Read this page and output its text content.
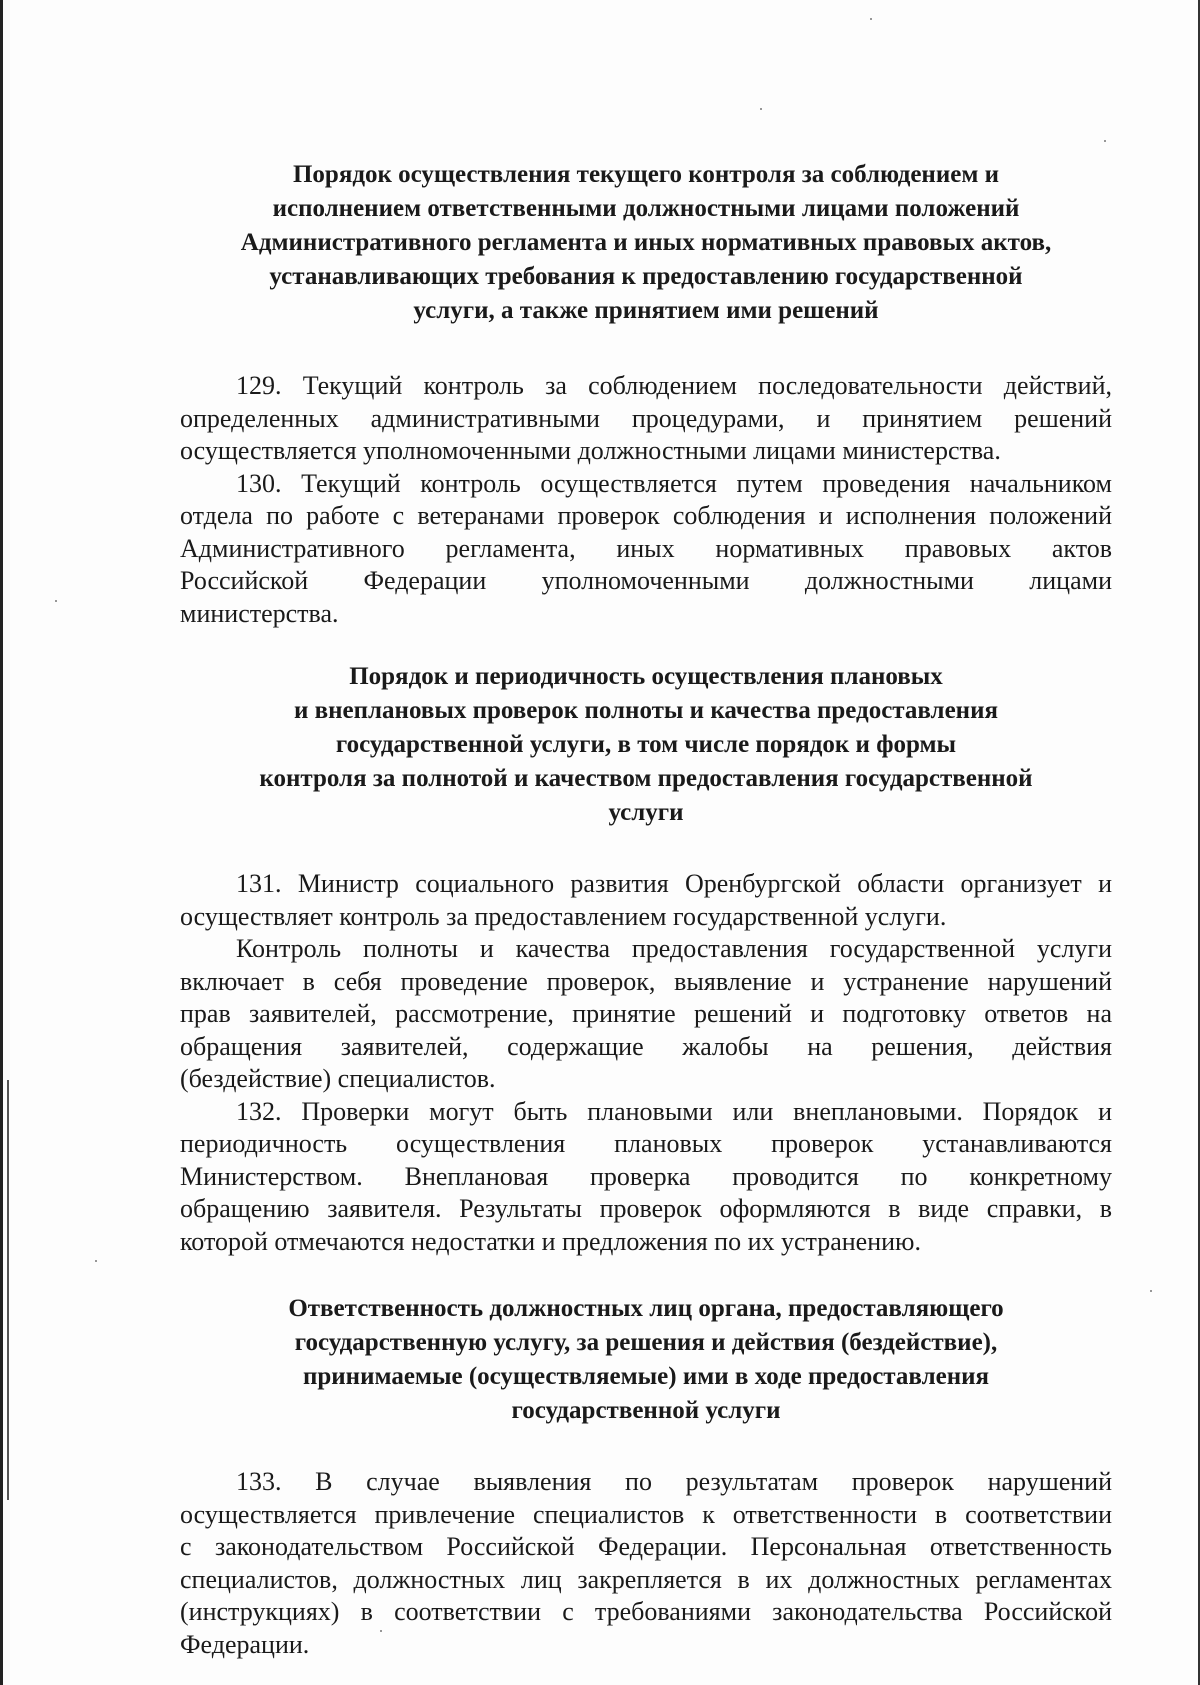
Порядок осуществления текущего контроля за соблюдением и
исполнением ответственными должностными лицами положений
Административного регламента и иных нормативных правовых актов,
устанавливающих требования к предоставлению государственной
услуги, а также принятием ими решений
129. Текущий контроль за соблюдением последовательности действий,
определенных административными процедурами, и принятием решений
осуществляется уполномоченными должностными лицами министерства.
130. Текущий контроль осуществляется путем проведения начальником
отдела по работе с ветеранами проверок соблюдения и исполнения положений
Административного регламента, иных нормативных правовых актов
Российской Федерации уполномоченными должностными лицами
министерства.
Порядок и периодичность осуществления плановых
и внеплановых проверок полноты и качества предоставления
государственной услуги, в том числе порядок и формы
контроля за полнотой и качеством предоставления государственной
услуги
131. Министр социального развития Оренбургской области организует и
осуществляет контроль за предоставлением государственной услуги.
Контроль полноты и качества предоставления государственной услуги
включает в себя проведение проверок, выявление и устранение нарушений
прав заявителей, рассмотрение, принятие решений и подготовку ответов на
обращения заявителей, содержащие жалобы на решения, действия
(бездействие) специалистов.
132. Проверки могут быть плановыми или внеплановыми. Порядок и
периодичность осуществления плановых проверок устанавливаются
Министерством. Внеплановая проверка проводится по конкретному
обращению заявителя. Результаты проверок оформляются в виде справки, в
которой отмечаются недостатки и предложения по их устранению.
Ответственность должностных лиц органа, предоставляющего
государственную услугу, за решения и действия (бездействие),
принимаемые (осуществляемые) ими в ходе предоставления
государственной услуги
133. В случае выявления по результатам проверок нарушений
осуществляется привлечение специалистов к ответственности в соответствии
с законодательством Российской Федерации. Персональная ответственность
специалистов, должностных лиц закрепляется в их должностных регламентах
(инструкциях) в соответствии с требованиями законодательства Российской
Федерации.
